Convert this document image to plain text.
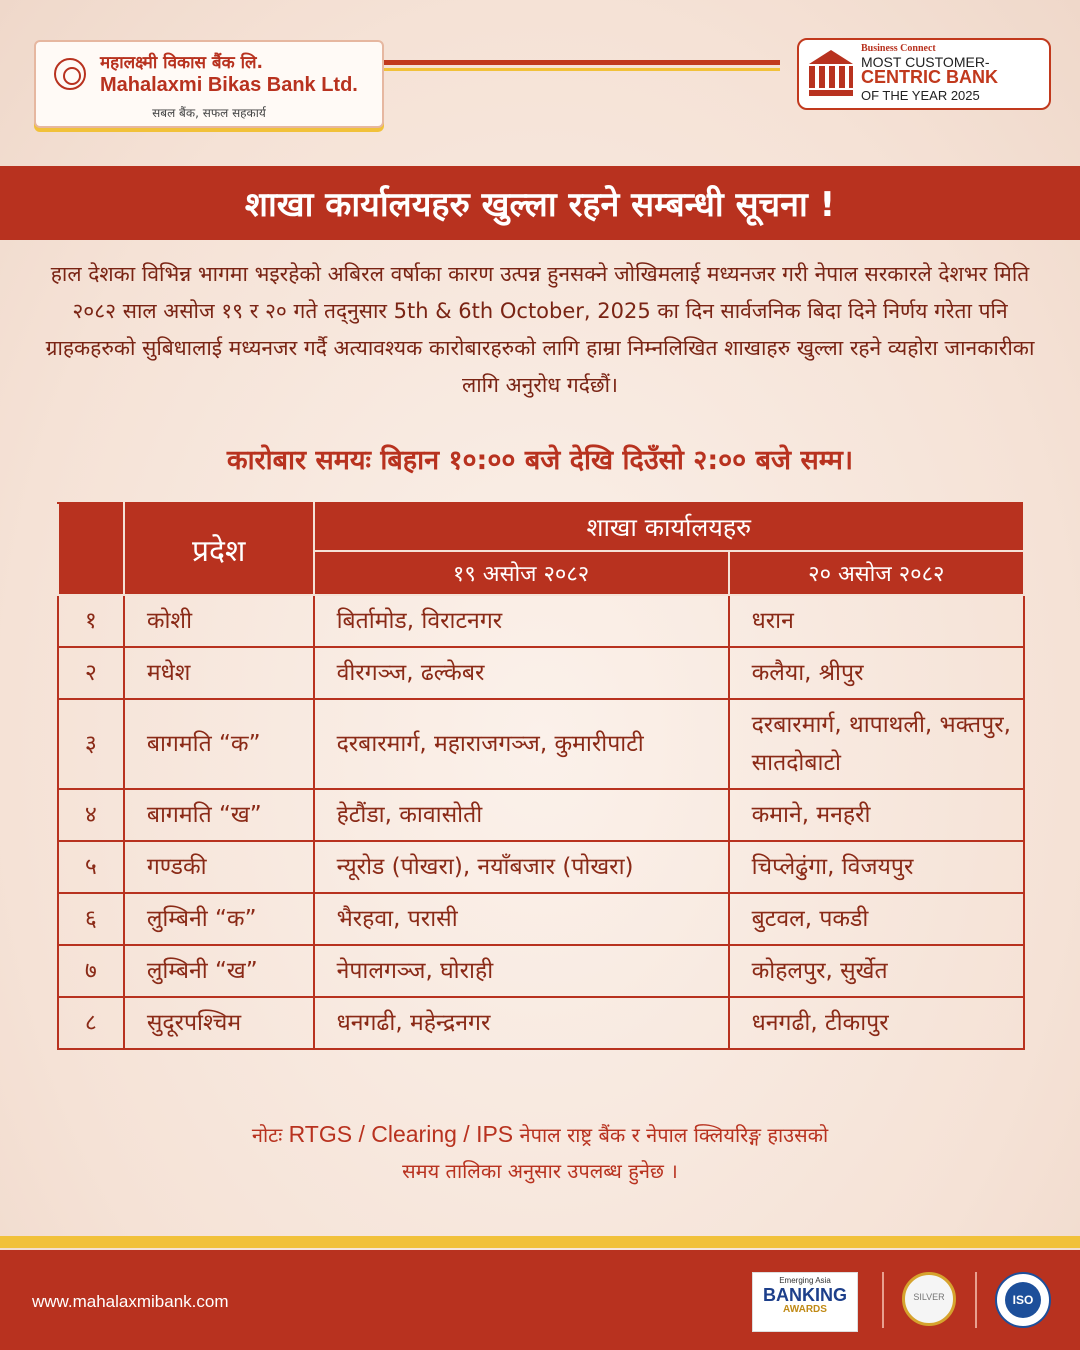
महालक्ष्मी विकास बैंक लि.
Mahalaxmi Bikas Bank Ltd.
सबल बैंक, सफल सहकार्य
Business Connect
MOST CUSTOMER-
CENTRIC BANK
OF THE YEAR 2025
शाखा कार्यालयहरु खुल्ला रहने सम्बन्धी सूचना !
हाल देशका विभिन्न भागमा भइरहेको अबिरल वर्षाका कारण उत्पन्न हुनसक्ने जोखिमलाई मध्यनजर गरी नेपाल सरकारले देशभर मिति २०८२ साल असोज १९ र २० गते तद्नुसार 5th & 6th October, 2025 का दिन सार्वजनिक बिदा दिने निर्णय गरेता पनि ग्राहकहरुको सुबिधालाई मध्यनजर गर्दै अत्यावश्यक कारोबारहरुको लागि हाम्रा निम्नलिखित शाखाहरु खुल्ला रहने व्यहोरा जानकारीका लागि अनुरोध गर्दछौं।
कारोबार समयः बिहान १०:०० बजे देखि दिउँसो २:०० बजे सम्म।
	प्रदेश	शाखा कार्यालयहरु	
		१९ असोज २०८२	२० असोज २०८२
१	कोशी	बिर्तामोड, विराटनगर	धरान
२	मधेश	वीरगञ्ज, ढल्केबर	कलैया, श्रीपुर
३	बागमति “क”	दरबारमार्ग, महाराजगञ्ज, कुमारीपाटी	दरबारमार्ग, थापाथली, भक्तपुर, सातदोबाटो
४	बागमति “ख”	हेटौंडा, कावासोती	कमाने, मनहरी
५	गण्डकी	न्यूरोड (पोखरा), नयाँबजार (पोखरा)	चिप्लेढुंगा, विजयपुर
६	लुम्बिनी “क”	भैरहवा, परासी	बुटवल, पकडी
७	लुम्बिनी “ख”	नेपालगञ्ज, घोराही	कोहलपुर, सुर्खेत
८	सुदूरपश्चिम	धनगढी, महेन्द्रनगर	धनगढी, टीकापुर
नोटः RTGS / Clearing / IPS नेपाल राष्ट्र बैंक र नेपाल क्लियरिङ्ग हाउसको
समय तालिका अनुसार उपलब्ध हुनेछ ।
www.mahalaxmibank.com
Emerging Asia
BANKING
AWARDS
SILVER	ISO
